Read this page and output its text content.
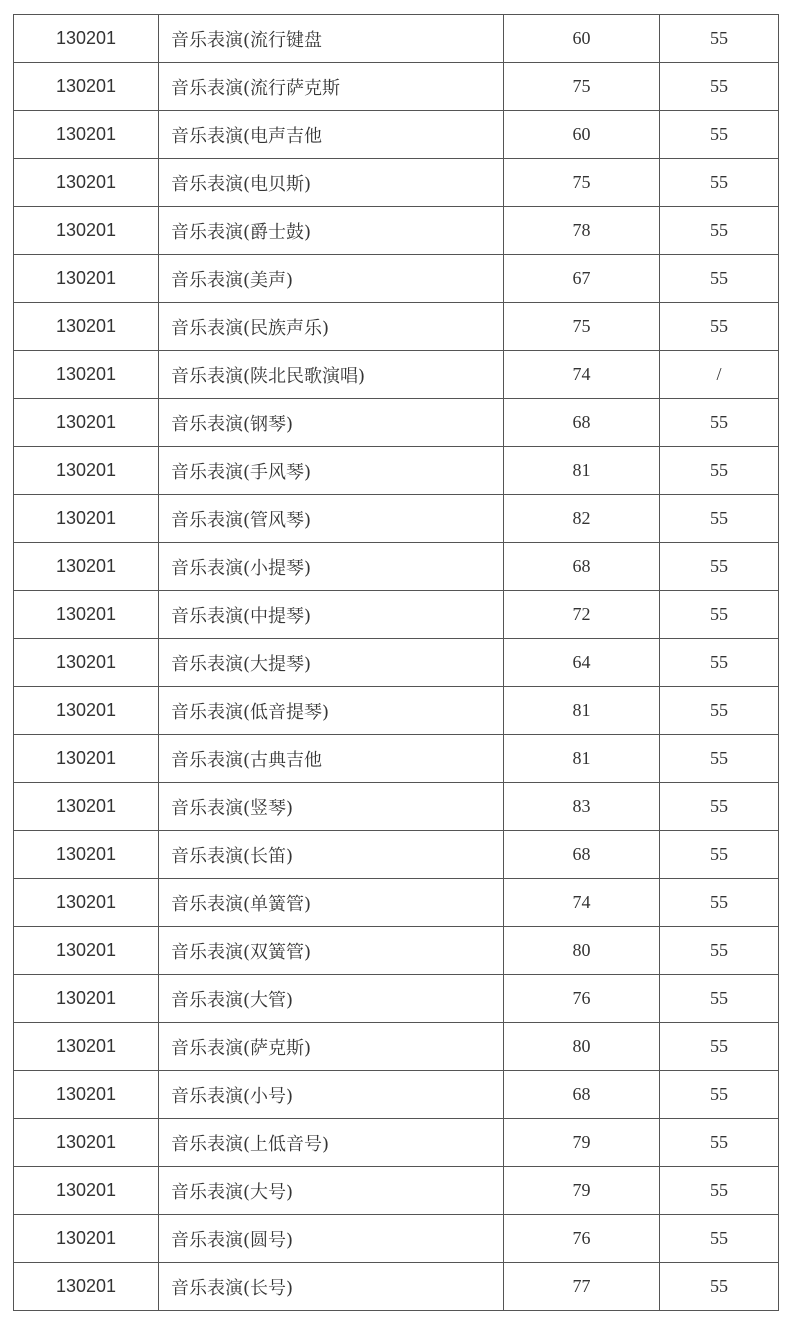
130201	音乐表演(流行键盘	60	55
130201	音乐表演(流行萨克斯	75	55
130201	音乐表演(电声吉他	60	55
130201	音乐表演(电贝斯)	75	55
130201	音乐表演(爵士鼓)	78	55
130201	音乐表演(美声)	67	55
130201	音乐表演(民族声乐)	75	55
130201	音乐表演(陕北民歌演唱)	74	/
130201	音乐表演(钢琴)	68	55
130201	音乐表演(手风琴)	81	55
130201	音乐表演(管风琴)	82	55
130201	音乐表演(小提琴)	68	55
130201	音乐表演(中提琴)	72	55
130201	音乐表演(大提琴)	64	55
130201	音乐表演(低音提琴)	81	55
130201	音乐表演(古典吉他	81	55
130201	音乐表演(竖琴)	83	55
130201	音乐表演(长笛)	68	55
130201	音乐表演(单簧管)	74	55
130201	音乐表演(双簧管)	80	55
130201	音乐表演(大管)	76	55
130201	音乐表演(萨克斯)	80	55
130201	音乐表演(小号)	68	55
130201	音乐表演(上低音号)	79	55
130201	音乐表演(大号)	79	55
130201	音乐表演(圆号)	76	55
130201	音乐表演(长号)	77	55
